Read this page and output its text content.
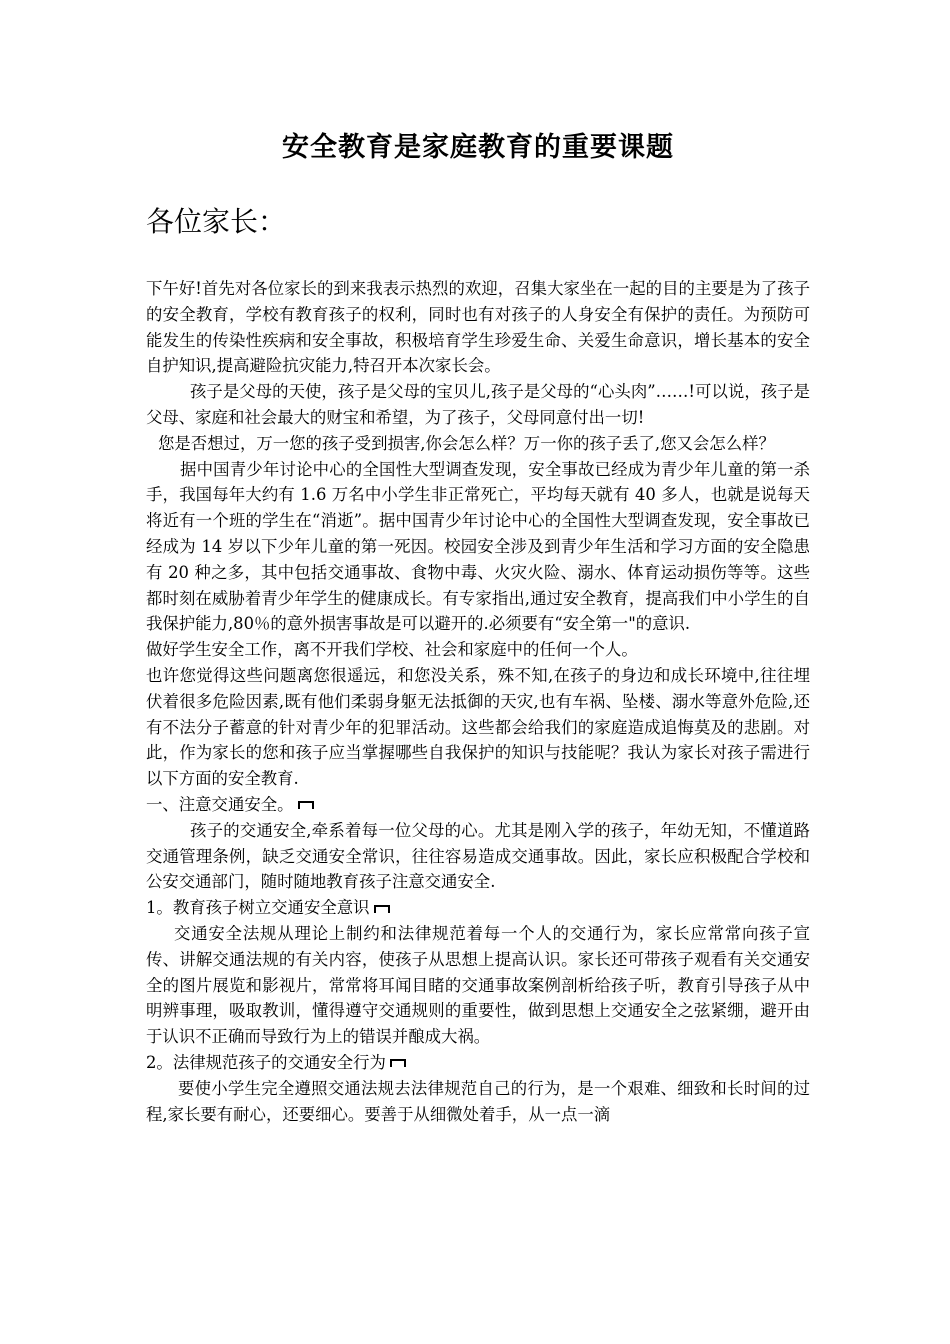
安全教育是家庭教育的重要课题
各位家长：

下午好!首先对各位家长的到来我表示热烈的欢迎，召集大家坐在一起的目的主要是为了孩子的安全教育，学校有教育孩子的权利，同时也有对孩子的人身安全有保护的责任。为预防可能发生的传染性疾病和安全事故，积极培育学生珍爱生命、关爱生命意识，增长基本的安全自护知识,提高避险抗灾能力,特召开本次家长会。

孩子是父母的天使，孩子是父母的宝贝儿,孩子是父母的“心头肉”……!可以说，孩子是父母、家庭和社会最大的财宝和希望，为了孩子，父母同意付出一切!

您是否想过，万一您的孩子受到损害,你会怎么样？万一你的孩子丢了,您又会怎么样？

据中国青少年讨论中心的全国性大型调查发现，安全事故已经成为青少年儿童的第一杀手，我国每年大约有 1.6 万名中小学生非正常死亡，平均每天就有 40 多人，也就是说每天将近有一个班的学生在“消逝”。据中国青少年讨论中心的全国性大型调查发现，安全事故已经成为 14 岁以下少年儿童的第一死因。校园安全涉及到青少年生活和学习方面的安全隐患有 20 种之多，其中包括交通事故、食物中毒、火灾火险、溺水、体育运动损伤等等。这些都时刻在威胁着青少年学生的健康成长。有专家指出,通过安全教育，提高我们中小学生的自我保护能力,80％的意外损害事故是可以避开的.必须要有“安全第一"的意识.

做好学生安全工作，离不开我们学校、社会和家庭中的任何一个人。

也许您觉得这些问题离您很遥远，和您没关系，殊不知,在孩子的身边和成长环境中,往往埋伏着很多危险因素,既有他们柔弱身躯无法抵御的天灾,也有车祸、坠楼、溺水等意外危险,还有不法分子蓄意的针对青少年的犯罪活动。这些都会给我们的家庭造成追悔莫及的悲剧。对此，作为家长的您和孩子应当掌握哪些自我保护的知识与技能呢？我认为家长对孩子需进行以下方面的安全教育.

一、注意交通安全。

孩子的交通安全,牵系着每一位父母的心。尤其是刚入学的孩子，年幼无知，不懂道路交通管理条例，缺乏交通安全常识，往往容易造成交通事故。因此，家长应积极配合学校和公安交通部门，随时随地教育孩子注意交通安全.

1。教育孩子树立交通安全意识

交通安全法规从理论上制约和法律规范着每一个人的交通行为，家长应常常向孩子宣传、讲解交通法规的有关内容，使孩子从思想上提高认识。家长还可带孩子观看有关交通安全的图片展览和影视片，常常将耳闻目睹的交通事故案例剖析给孩子听，教育引导孩子从中明辨事理，吸取教训，懂得遵守交通规则的重要性，做到思想上交通安全之弦紧绷，避开由于认识不正确而导致行为上的错误并酿成大祸。

2。法律规范孩子的交通安全行为

要使小学生完全遵照交通法规去法律规范自己的行为，是一个艰难、细致和长时间的过程,家长要有耐心，还要细心。要善于从细微处着手，从一点一滴
